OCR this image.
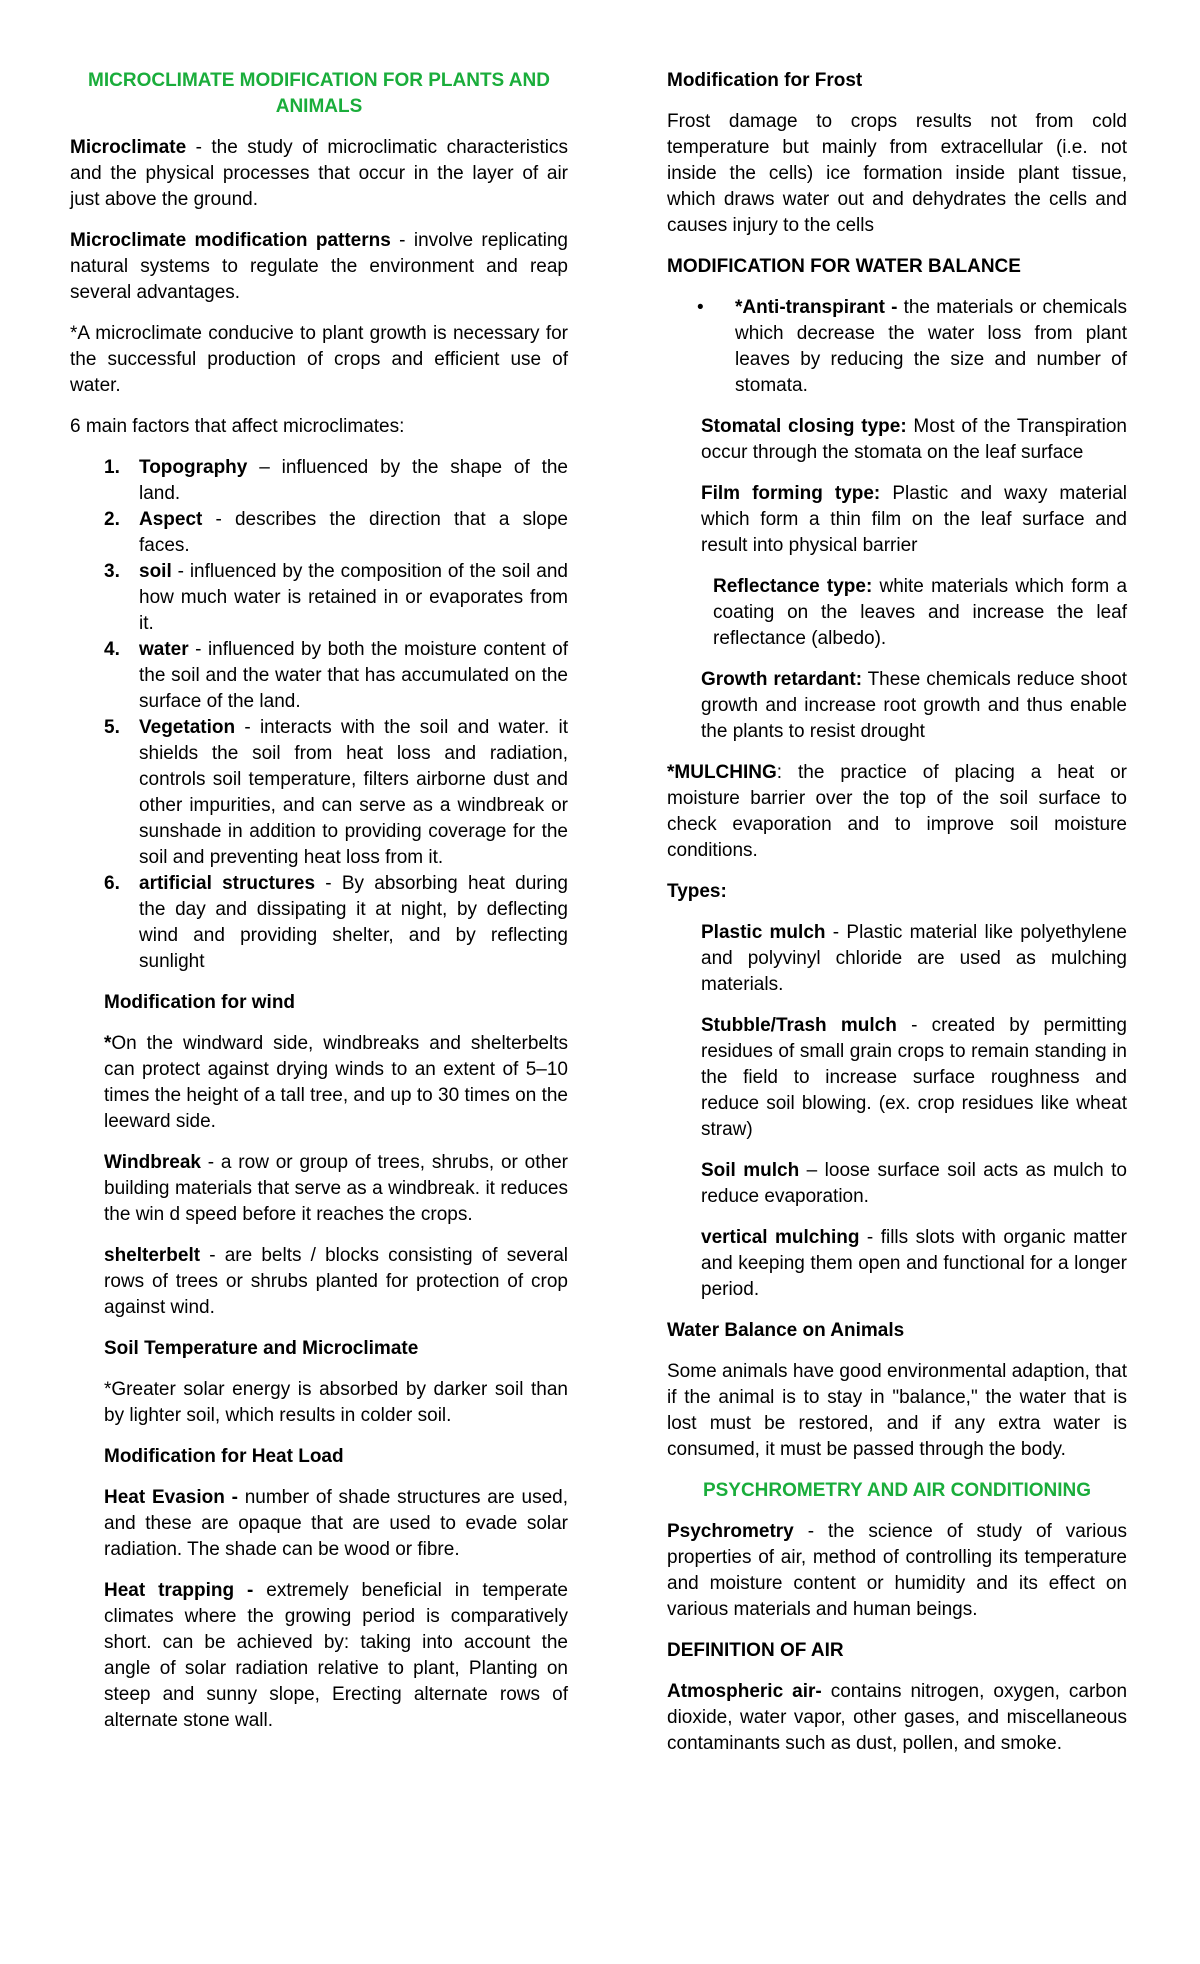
MICROCLIMATE MODIFICATION FOR PLANTS AND ANIMALS

Microclimate - the study of microclimatic characteristics and the physical processes that occur in the layer of air just above the ground.

Microclimate modification patterns - involve replicating natural systems to regulate the environment and reap several advantages.

*A microclimate conducive to plant growth is necessary for the successful production of crops and efficient use of water.

6 main factors that affect microclimates:

1. Topography – influenced by the shape of the land.
2. Aspect - describes the direction that a slope faces.
3. soil - influenced by the composition of the soil and how much water is retained in or evaporates from it.
4. water - influenced by both the moisture content of the soil and the water that has accumulated on the surface of the land.
5. Vegetation - interacts with the soil and water. it shields the soil from heat loss and radiation, controls soil temperature, filters airborne dust and other impurities, and can serve as a windbreak or sunshade in addition to providing coverage for the soil and preventing heat loss from it.
6. artificial structures - By absorbing heat during the day and dissipating it at night, by deflecting wind and providing shelter, and by reflecting sunlight
Modification for wind

*On the windward side, windbreaks and shelterbelts can protect against drying winds to an extent of 5–10 times the height of a tall tree, and up to 30 times on the leeward side.

Windbreak - a row or group of trees, shrubs, or other building materials that serve as a windbreak. it reduces the win d speed before it reaches the crops.

shelterbelt - are belts / blocks consisting of several rows of trees or shrubs planted for protection of crop against wind.

Soil Temperature and Microclimate

*Greater solar energy is absorbed by darker soil than by lighter soil, which results in colder soil.

Modification for Heat Load

Heat Evasion - number of shade structures are used, and these are opaque that are used to evade solar radiation. The shade can be wood or fibre.

Heat trapping - extremely beneficial in temperate climates where the growing period is comparatively short. can be achieved by: taking into account the angle of solar radiation relative to plant, Planting on steep and sunny slope, Erecting alternate rows of alternate stone wall.

Modification for Frost

Frost damage to crops results not from cold temperature but mainly from extracellular (i.e. not inside the cells) ice formation inside plant tissue, which draws water out and dehydrates the cells and causes injury to the cells

MODIFICATION FOR WATER BALANCE

• *Anti-transpirant - the materials or chemicals which decrease the water loss from plant leaves by reducing the size and number of stomata.

Stomatal closing type: Most of the Transpiration occur through the stomata on the leaf surface

Film forming type: Plastic and waxy material which form a thin film on the leaf surface and result into physical barrier

Reflectance type: white materials which form a coating on the leaves and increase the leaf reflectance (albedo).

Growth retardant: These chemicals reduce shoot growth and increase root growth and thus enable the plants to resist drought

*MULCHING: the practice of placing a heat or moisture barrier over the top of the soil surface to check evaporation and to improve soil moisture conditions.

Types:

Plastic mulch - Plastic material like polyethylene and polyvinyl chloride are used as mulching materials.

Stubble/Trash mulch - created by permitting residues of small grain crops to remain standing in the field to increase surface roughness and reduce soil blowing. (ex. crop residues like wheat straw)

Soil mulch – loose surface soil acts as mulch to reduce evaporation.

vertical mulching - fills slots with organic matter and keeping them open and functional for a longer period.

Water Balance on Animals

Some animals have good environmental adaption, that if the animal is to stay in "balance," the water that is lost must be restored, and if any extra water is consumed, it must be passed through the body.

PSYCHROMETRY AND AIR CONDITIONING

Psychrometry - the science of study of various properties of air, method of controlling its temperature and moisture content or humidity and its effect on various materials and human beings.

DEFINITION OF AIR

Atmospheric air- contains nitrogen, oxygen, carbon dioxide, water vapor, other gases, and miscellaneous contaminants such as dust, pollen, and smoke.
